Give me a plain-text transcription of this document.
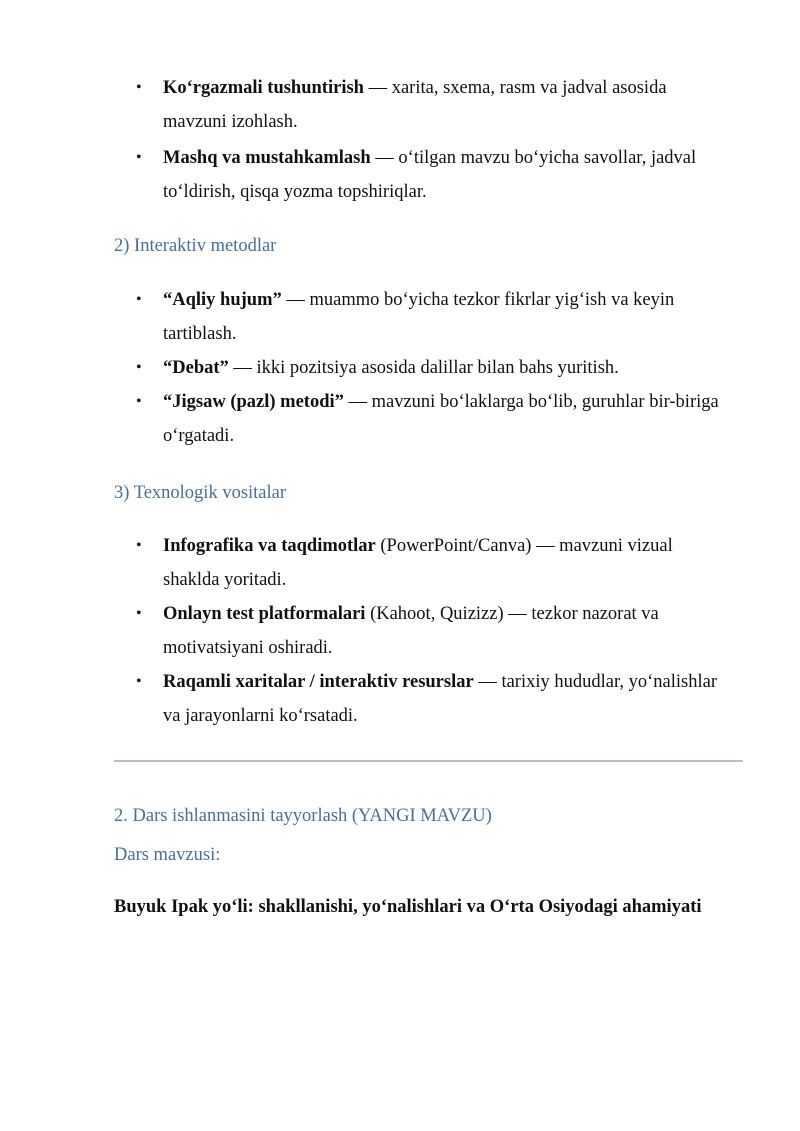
• Koʻrgazmali tushuntirish — xarita, sxema, rasm va jadval asosida mavzuni izohlash.
• Mashq va mustahkamlash — oʻtilgan mavzu boʻyicha savollar, jadval toʻldirish, qisqa yozma topshiriqlar.
2) Interaktiv metodlar
• “Aqliy hujum” — muammo boʻyicha tezkor fikrlar yigʻish va keyin tartiblash.
• “Debat” — ikki pozitsiya asosida dalillar bilan bahs yuritish.
• “Jigsaw (pazl) metodi” — mavzuni boʻlaklarga boʻlib, guruhlar bir-biriga oʻrgatadi.
3) Texnologik vositalar
• Infografika va taqdimotlar (PowerPoint/Canva) — mavzuni vizual shaklda yoritadi.
• Onlayn test platformalari (Kahoot, Quizizz) — tezkor nazorat va motivatsiyani oshiradi.
• Raqamli xaritalar / interaktiv resurslar — tarixiy hududlar, yoʻnalishlar va jarayonlarni koʻrsatadi.
2. Dars ishlanmasini tayyorlash (YANGI MAVZU)
Dars mavzusi:
Buyuk Ipak yoʻli: shakllanishi, yoʻnalishlari va Oʻrta Osiyodagi ahamiyati
